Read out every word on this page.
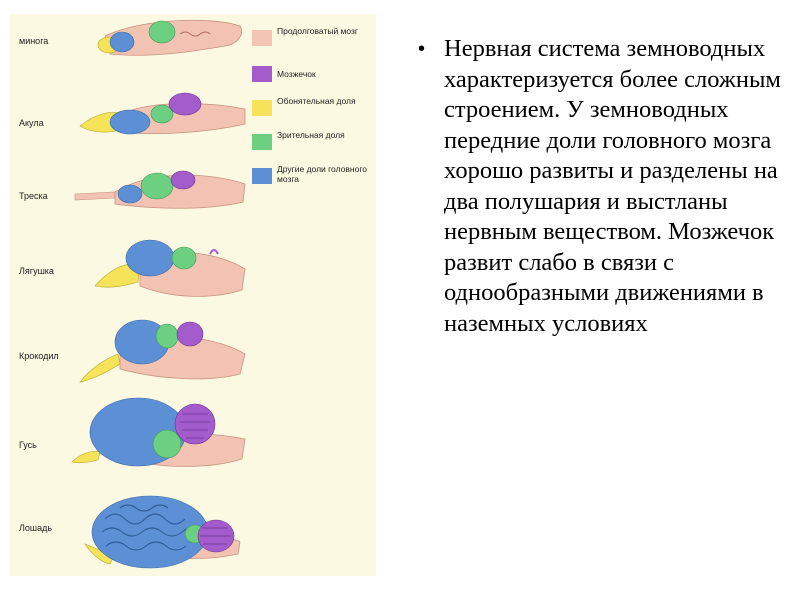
минога
Акула
Треска
Лягушка
Крокодил
Гусь
Лошадь
Продолговатый мозг
Мозжечок
Обонятельная доля
Зрительная доля
Другие доли головного мозга
• Нервная система земноводных характеризуется более сложным строением. У земноводных передние доли головного мозга хорошо развиты и разделены на два полушария и выстланы нервным веществом. Мозжечок развит слабо в связи с однообразными движениями в наземных условиях
